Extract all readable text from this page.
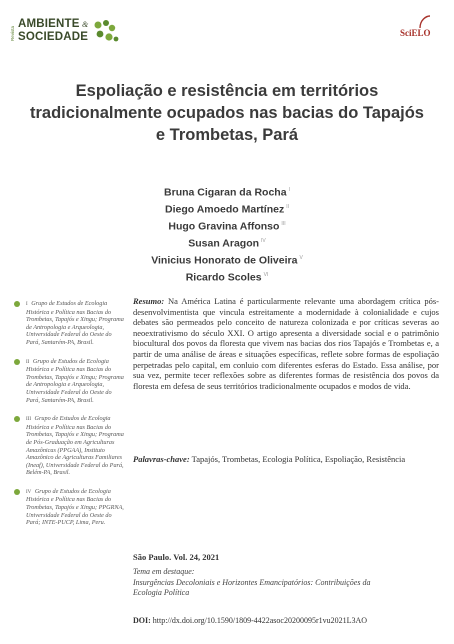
Revista
AMBIENTE &
SOCIEDADE	SciELO
Espoliação e resistência em territórios tradicionalmente ocupados nas bacias do Tapajós e Trombetas, Pará
Bruna Cigaran da Rocha $^I$
Diego Amoedo Martínez $^{II}$
Hugo Gravina Affonso $^{III}$
Susan Aragon $^{IV}$
Vinicius Honorato de Oliveira $^V$
Ricardo Scoles $^{VI}$
I Grupo de Estudos de Ecologia Histórica e Política nas Bacias do Trombetas, Tapajós e Xingu; Programa de Antropologia e Arqueologia, Universidade Federal do Oeste do Pará, Santarém-PA, Brasil.
II Grupo de Estudos de Ecologia Histórica e Política nas Bacias do Trombetas, Tapajós e Xingu; Programa de Antropologia e Arqueologia, Universidade Federal do Oeste do Pará, Santarém-PA, Brasil.
III Grupo de Estudos de Ecologia Histórica e Política nas Bacias do Trombetas, Tapajós e Xingu; Programa de Pós-Graduação em Agriculturas Amazônicas (PPGAA), Instituto Amazônico de Agriculturas Familiares (Ineaf), Universidade Federal do Pará, Belém-PA, Brasil.
IV Grupo de Estudos de Ecologia Histórica e Política nas Bacias do Trombetas, Tapajós e Xingu; PPGRNA, Universidade Federal do Oeste do Pará; INTE-PUCP, Lima, Peru.

Resumo: Na América Latina é particularmente relevante uma abordagem crítica pós-desenvolvimentista que vincula estreitamente a modernidade à colonialidade e cujos debates são permeados pelo conceito de natureza colonizada e por críticas severas ao neoextrativismo do século XXI. O artigo apresenta a diversidade social e o patrimônio biocultural dos povos da floresta que vivem nas bacias dos rios Tapajós e Trombetas e, a partir de uma análise de áreas e situações específicas, reflete sobre formas de espoliação perpetradas pelo capital, em conluio com diferentes esferas do Estado. Essa análise, por sua vez, permite tecer reflexões sobre as diferentes formas de resistência dos povos da floresta em defesa de seus territórios tradicionalmente ocupados e modos de vida.

Palavras-chave: Tapajós, Trombetas, Ecologia Política, Espoliação, Resistência

São Paulo. Vol. 24, 2021
Tema em destaque:
Insurgências Decoloniais e Horizontes Emancipatórios: Contribuições da Ecologia Política
DOI: http://dx.doi.org/10.1590/1809-4422asoc20200095r1vu2021L3AO
